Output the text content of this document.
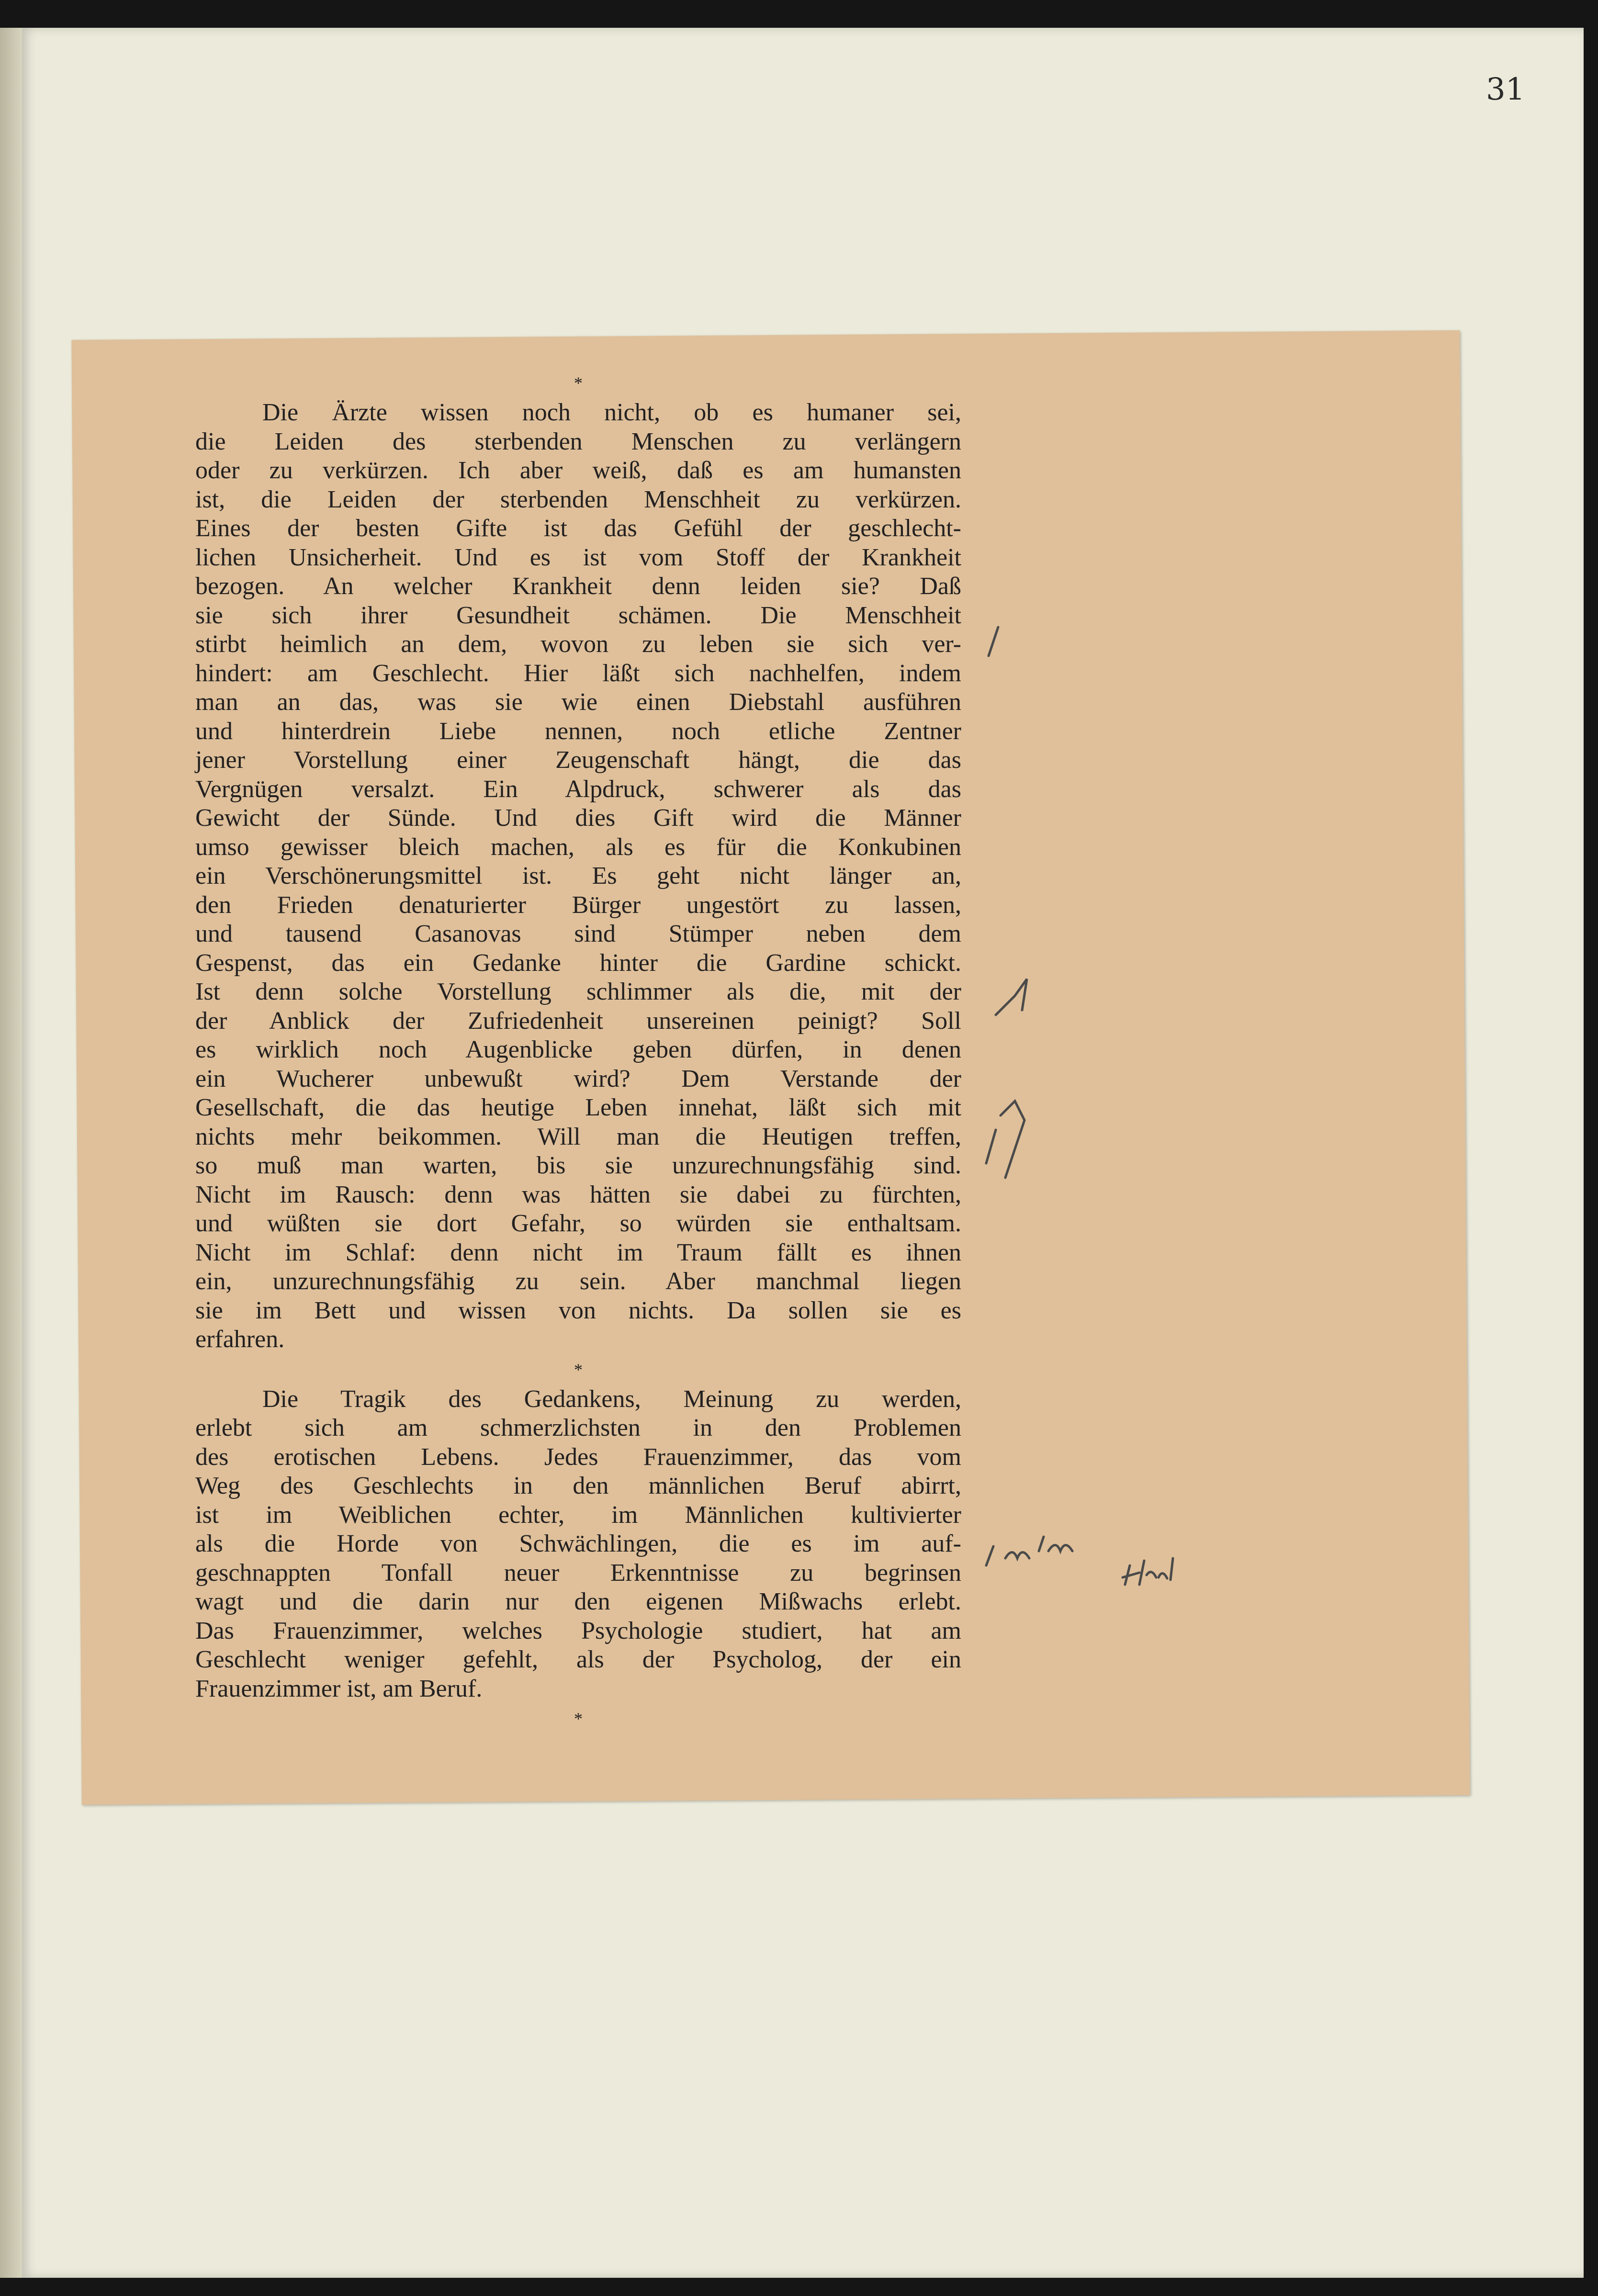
31
*

Die Ärzte wissen noch nicht, ob es humaner sei,
die Leiden des sterbenden Menschen zu verlängern
oder zu verkürzen. Ich aber weiß, daß es am humansten
ist, die Leiden der sterbenden Menschheit zu verkürzen.
Eines der besten Gifte ist das Gefühl der geschlecht-
lichen Unsicherheit. Und es ist vom Stoff der Krankheit
bezogen. An welcher Krankheit denn leiden sie? Daß
sie sich ihrer Gesundheit schämen. Die Menschheit
stirbt heimlich an dem, wovon zu leben sie sich ver-
hindert: am Geschlecht. Hier läßt sich nachhelfen, indem
man an das, was sie wie einen Diebstahl ausführen
und hinterdrein Liebe nennen, noch etliche Zentner
jener Vorstellung einer Zeugenschaft hängt, die das
Vergnügen versalzt. Ein Alpdruck, schwerer als das
Gewicht der Sünde. Und dies Gift wird die Männer
umso gewisser bleich machen, als es für die Konkubinen
ein Verschönerungsmittel ist. Es geht nicht länger an,
den Frieden denaturierter Bürger ungestört zu lassen,
und tausend Casanovas sind Stümper neben dem
Gespenst, das ein Gedanke hinter die Gardine schickt.
Ist denn solche Vorstellung schlimmer als die, mit der
der Anblick der Zufriedenheit unsereinen peinigt? Soll
es wirklich noch Augenblicke geben dürfen, in denen
ein Wucherer unbewußt wird? Dem Verstande der
Gesellschaft, die das heutige Leben innehat, läßt sich mit
nichts mehr beikommen. Will man die Heutigen treffen,
so muß man warten, bis sie unzurechnungsfähig sind.
Nicht im Rausch: denn was hätten sie dabei zu fürchten,
und wüßten sie dort Gefahr, so würden sie enthaltsam.
Nicht im Schlaf: denn nicht im Traum fällt es ihnen
ein, unzurechnungsfähig zu sein. Aber manchmal liegen
sie im Bett und wissen von nichts. Da sollen sie es
erfahren.

*

Die Tragik des Gedankens, Meinung zu werden,
erlebt sich am schmerzlichsten in den Problemen
des erotischen Lebens. Jedes Frauenzimmer, das vom
Weg des Geschlechts in den männlichen Beruf abirrt,
ist im Weiblichen echter, im Männlichen kultivierter
als die Horde von Schwächlingen, die es im auf-
geschnappten Tonfall neuer Erkenntnisse zu begrinsen
wagt und die darin nur den eigenen Mißwachs erlebt.
Das Frauenzimmer, welches Psychologie studiert, hat am
Geschlecht weniger gefehlt, als der Psycholog, der ein
Frauenzimmer ist, am Beruf.

*
